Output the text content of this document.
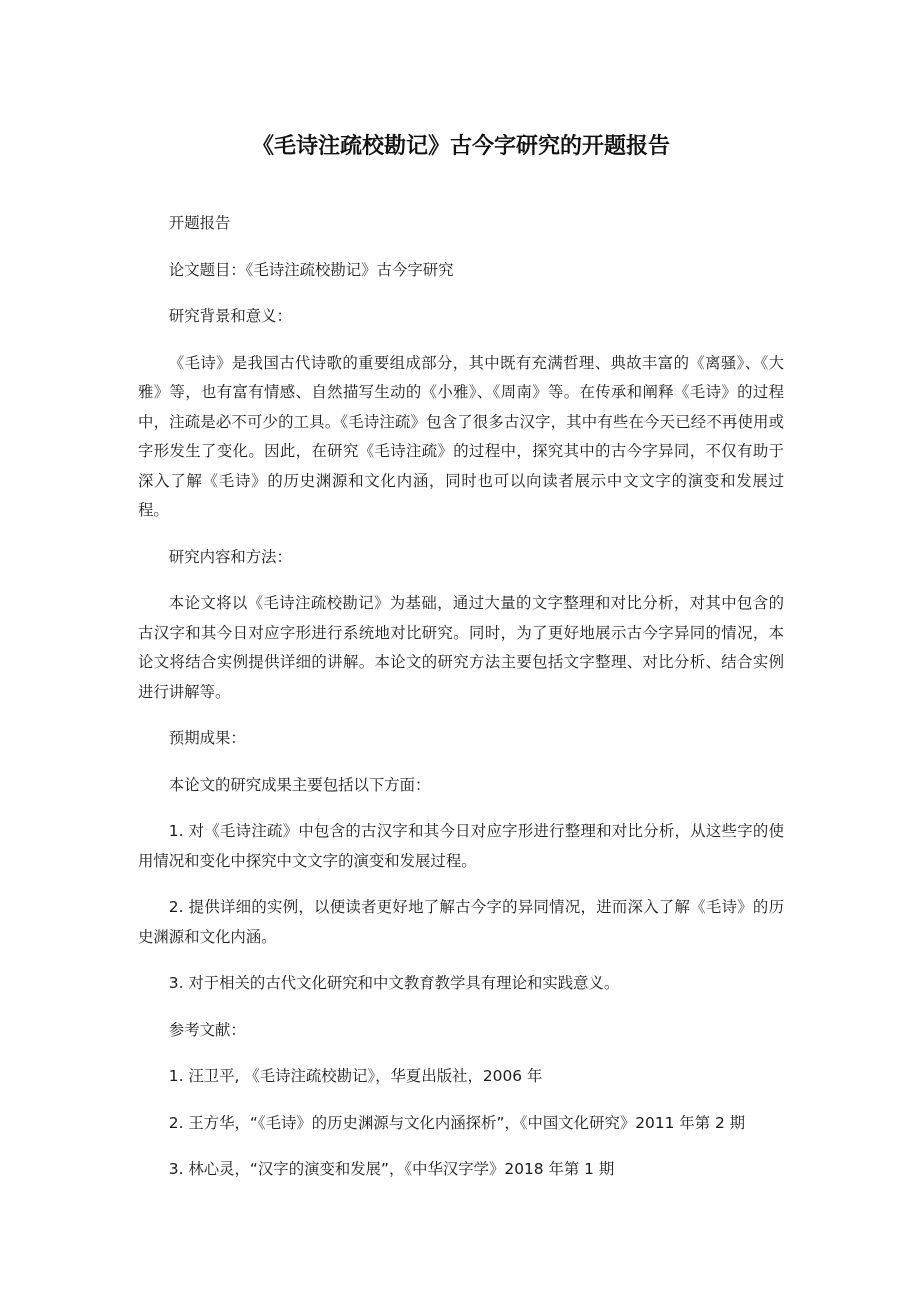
《毛诗注疏校勘记》古今字研究的开题报告

开题报告

论文题目：《毛诗注疏校勘记》古今字研究

研究背景和意义：

《毛诗》是我国古代诗歌的重要组成部分，其中既有充满哲理、典故丰富的《离骚》、《大雅》等，也有富有情感、自然描写生动的《小雅》、《周南》等。在传承和阐释《毛诗》的过程中，注疏是必不可少的工具。《毛诗注疏》包含了很多古汉字，其中有些在今天已经不再使用或字形发生了变化。因此，在研究《毛诗注疏》的过程中，探究其中的古今字异同，不仅有助于深入了解《毛诗》的历史渊源和文化内涵，同时也可以向读者展示中文文字的演变和发展过程。

研究内容和方法：

本论文将以《毛诗注疏校勘记》为基础，通过大量的文字整理和对比分析，对其中包含的古汉字和其今日对应字形进行系统地对比研究。同时，为了更好地展示古今字异同的情况，本论文将结合实例提供详细的讲解。本论文的研究方法主要包括文字整理、对比分析、结合实例进行讲解等。

预期成果：

本论文的研究成果主要包括以下方面：

1. 对《毛诗注疏》中包含的古汉字和其今日对应字形进行整理和对比分析，从这些字的使用情况和变化中探究中文文字的演变和发展过程。

2. 提供详细的实例，以便读者更好地了解古今字的异同情况，进而深入了解《毛诗》的历史渊源和文化内涵。

3. 对于相关的古代文化研究和中文教育教学具有理论和实践意义。

参考文献：

1. 汪卫平, 《毛诗注疏校勘记》，华夏出版社，2006 年

2. 王方华，“《毛诗》的历史渊源与文化内涵探析”，《中国文化研究》2011 年第 2 期

3. 林心灵，“汉字的演变和发展”，《中华汉字学》2018 年第 1 期
